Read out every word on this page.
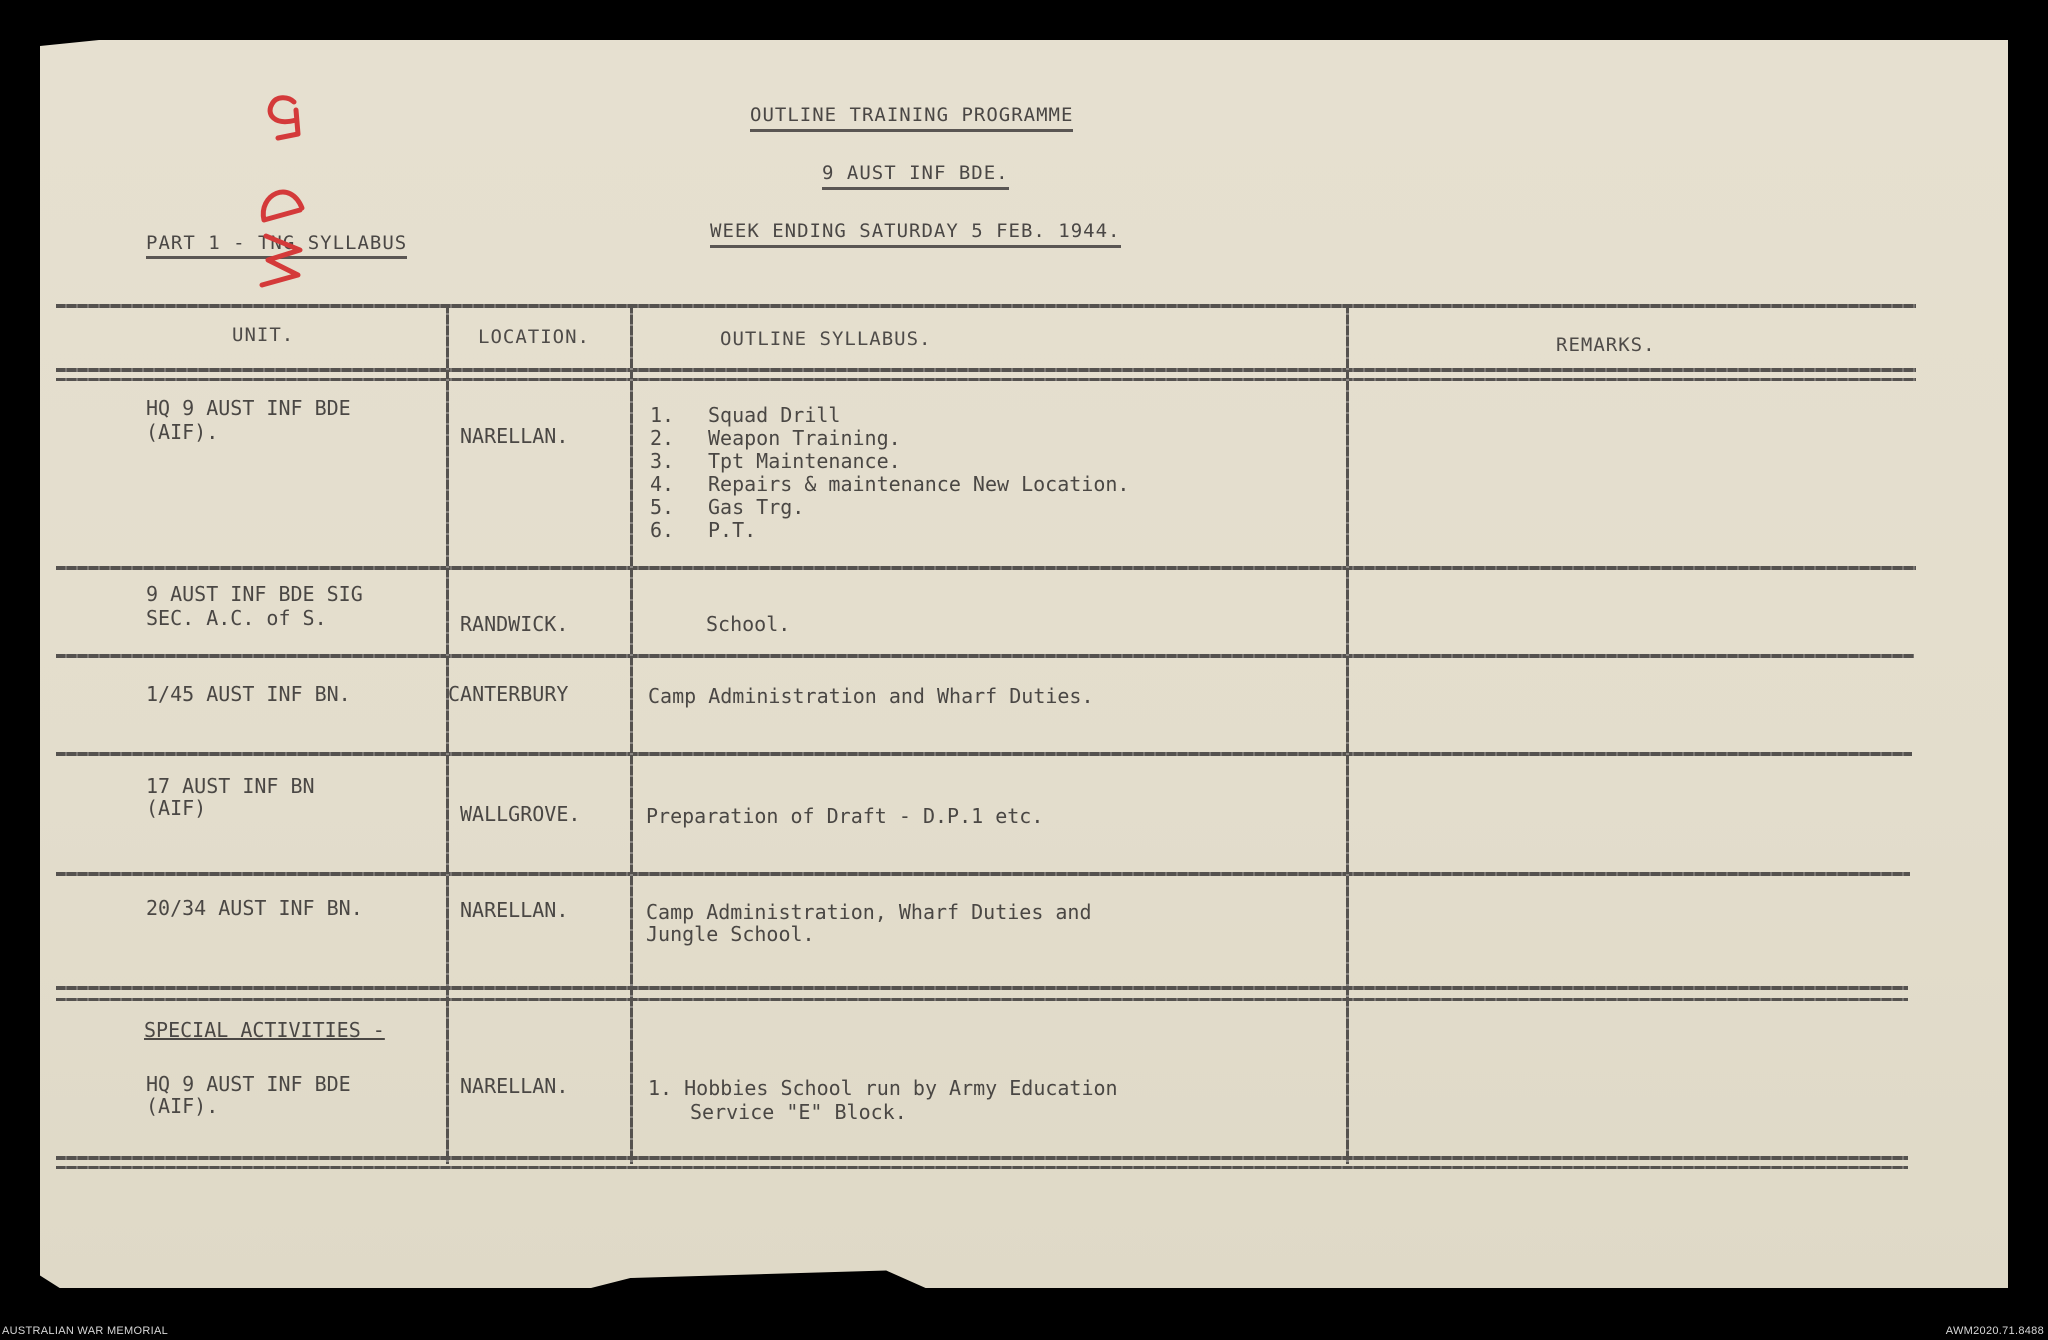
OUTLINE TRAINING PROGRAMME
9 AUST INF BDE.
WEEK ENDING SATURDAY 5 FEB. 1944.
PART 1 - TNG SYLLABUS
UNIT.	LOCATION.	OUTLINE SYLLABUS.	REMARKS.
HQ 9 AUST INF BDE
(AIF).	NARELLAN.
1.	Squad Drill
2.	Weapon Training.
3.	Tpt Maintenance.
4.	Repairs & maintenance New Location.
5.	Gas Trg.
6.	P.T.
9 AUST INF BDE SIG
SEC. A.C. of S.	RANDWICK.	School.
1/45 AUST INF BN.	CANTERBURY	Camp Administration and Wharf Duties.
17 AUST INF BN
(AIF)	WALLGROVE.	Preparation of Draft - D.P.1 etc.
20/34 AUST INF BN.	NARELLAN.	Camp Administration, Wharf Duties and
Jungle School.
SPECIAL ACTIVITIES -
HQ 9 AUST INF BDE
(AIF).
NARELLAN.	1. Hobbies School run by Army Education
Service "E" Block.
AUSTRALIAN WAR MEMORIAL	AWM2020.71.8488
